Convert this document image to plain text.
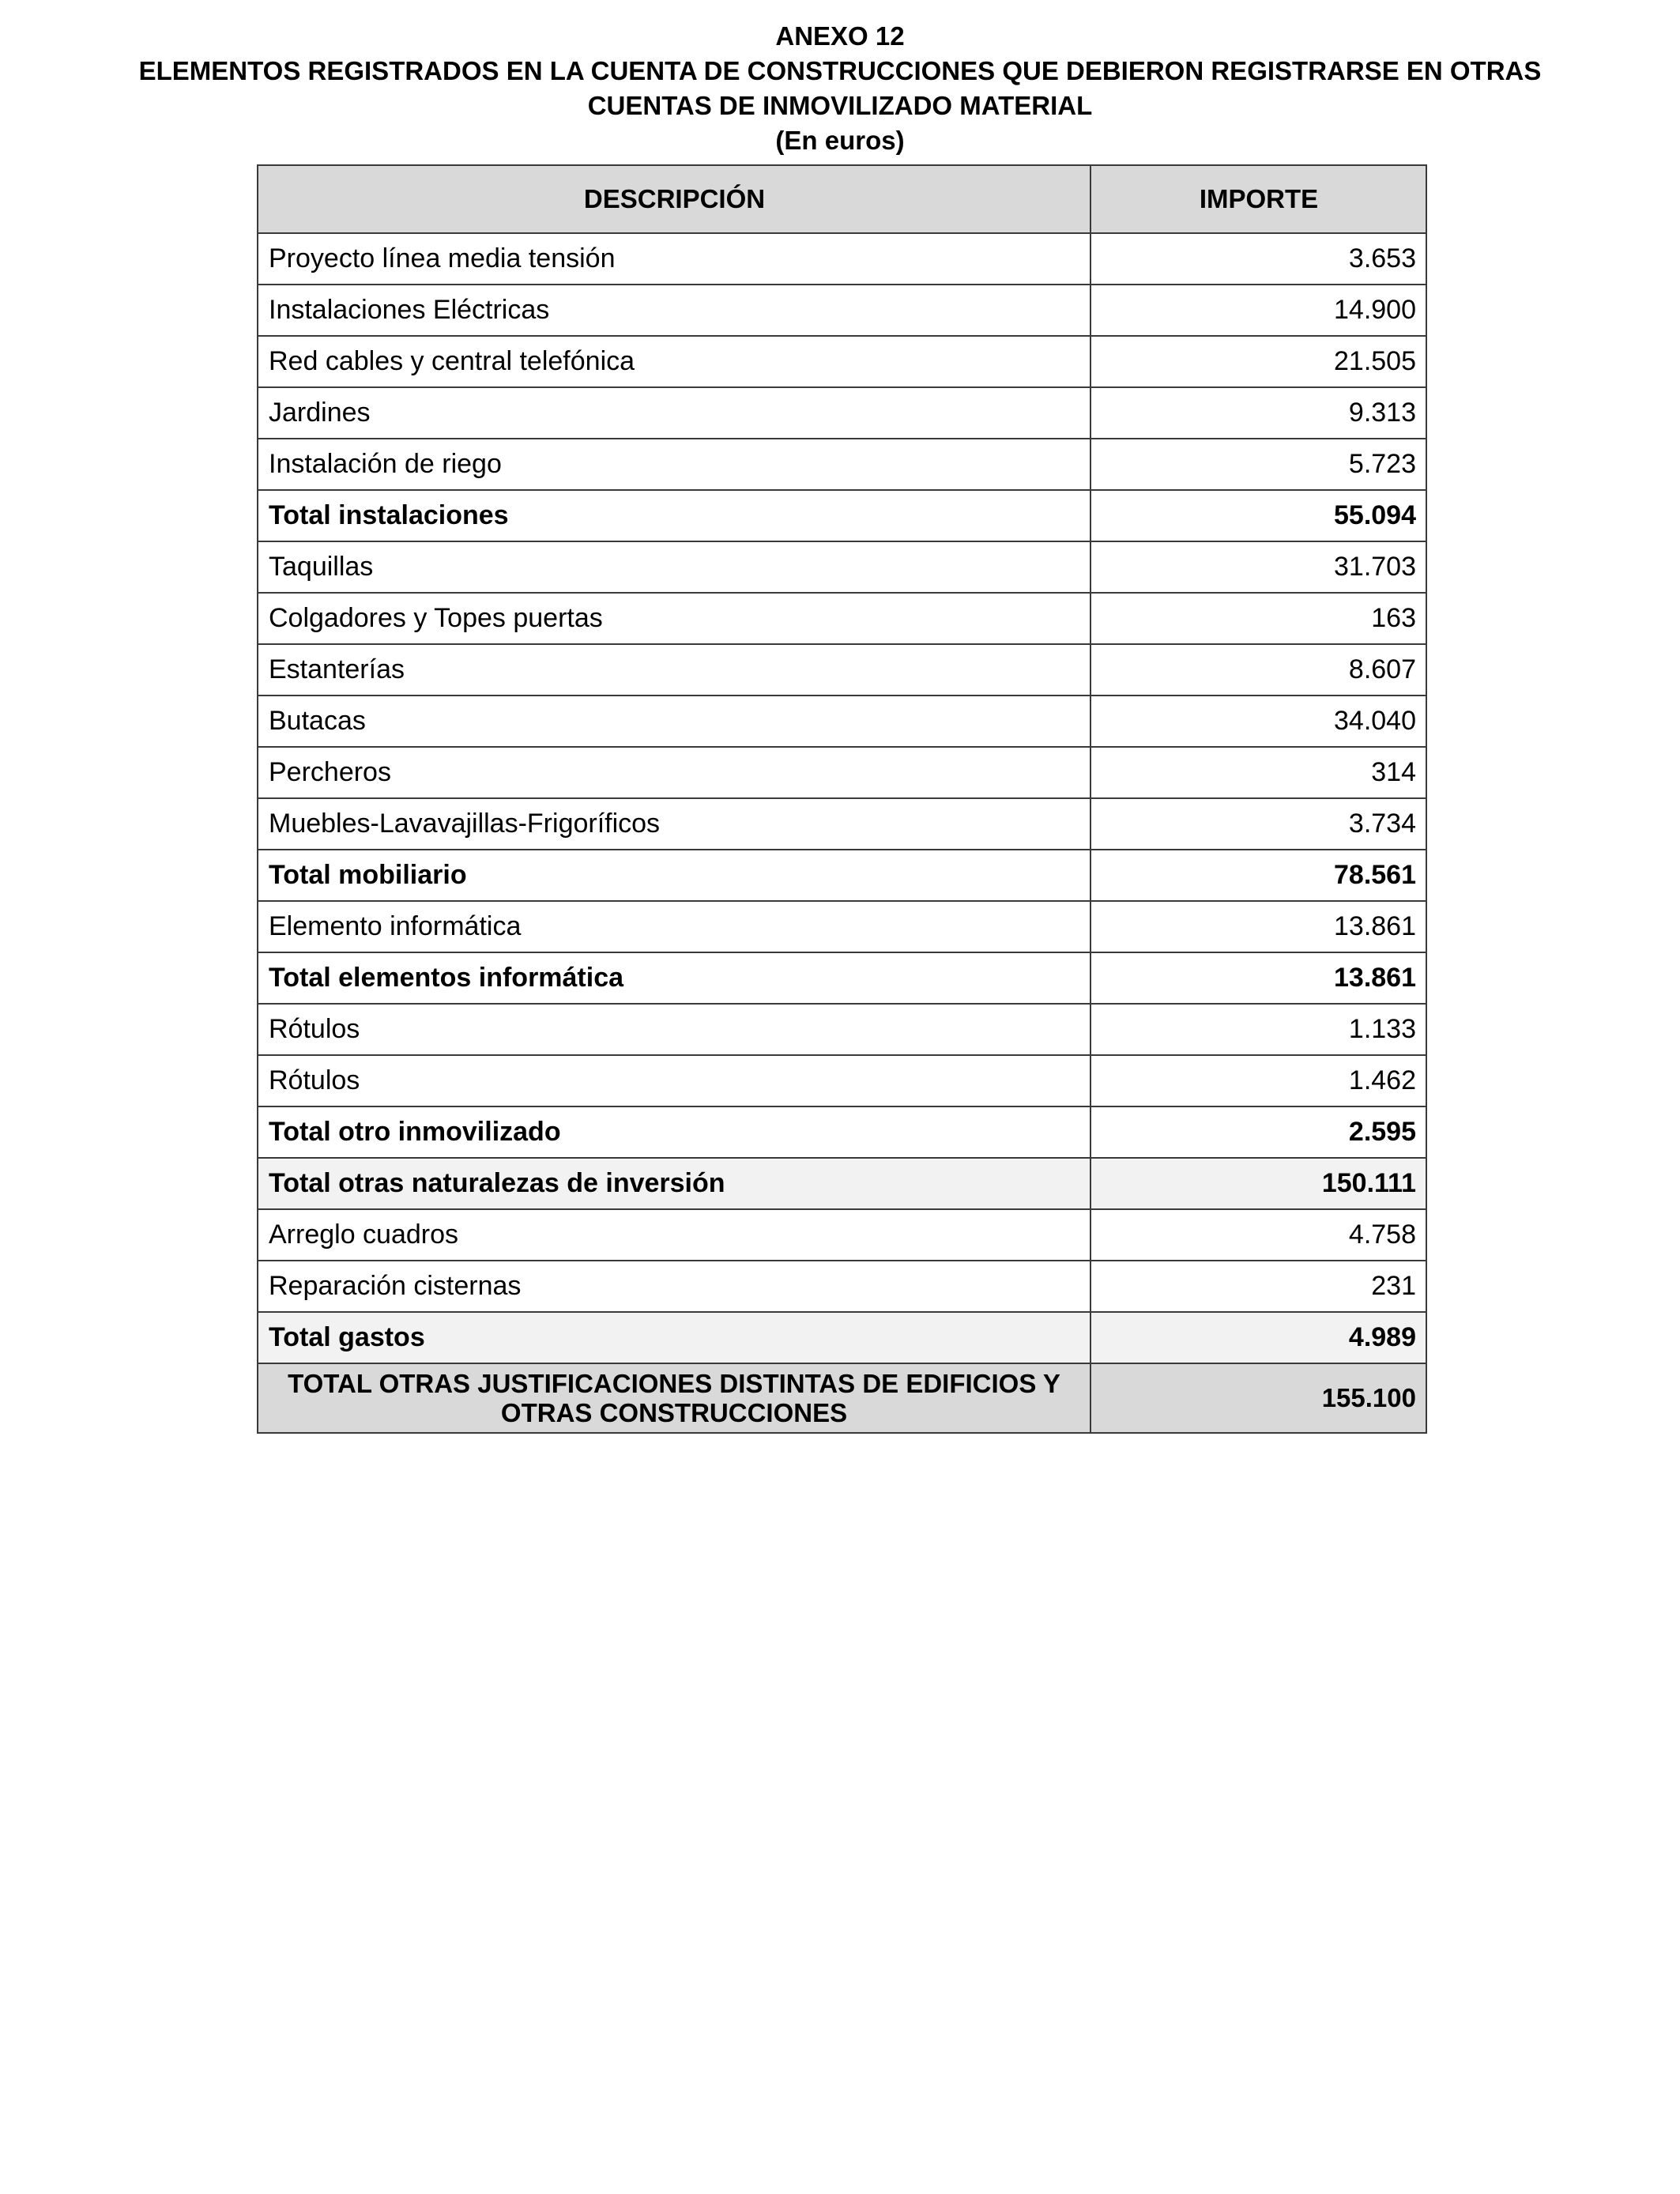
ANEXO 12
ELEMENTOS REGISTRADOS EN LA CUENTA DE CONSTRUCCIONES QUE DEBIERON REGISTRARSE EN OTRAS
CUENTAS DE INMOVILIZADO MATERIAL
(En euros)
DESCRIPCIÓN	IMPORTE
Proyecto línea media tensión	3.653
Instalaciones Eléctricas	14.900
Red cables y central telefónica	21.505
Jardines	9.313
Instalación de riego	5.723
Total instalaciones	55.094
Taquillas	31.703
Colgadores y Topes puertas	163
Estanterías	8.607
Butacas	34.040
Percheros	314
Muebles-Lavavajillas-Frigoríficos	3.734
Total mobiliario	78.561
Elemento informática	13.861
Total elementos informática	13.861
Rótulos	1.133
Rótulos	1.462
Total otro inmovilizado	2.595
Total otras naturalezas de inversión	150.111
Arreglo cuadros	4.758
Reparación cisternas	231
Total gastos	4.989
TOTAL OTRAS JUSTIFICACIONES DISTINTAS DE EDIFICIOS Y OTRAS CONSTRUCCIONES	155.100
